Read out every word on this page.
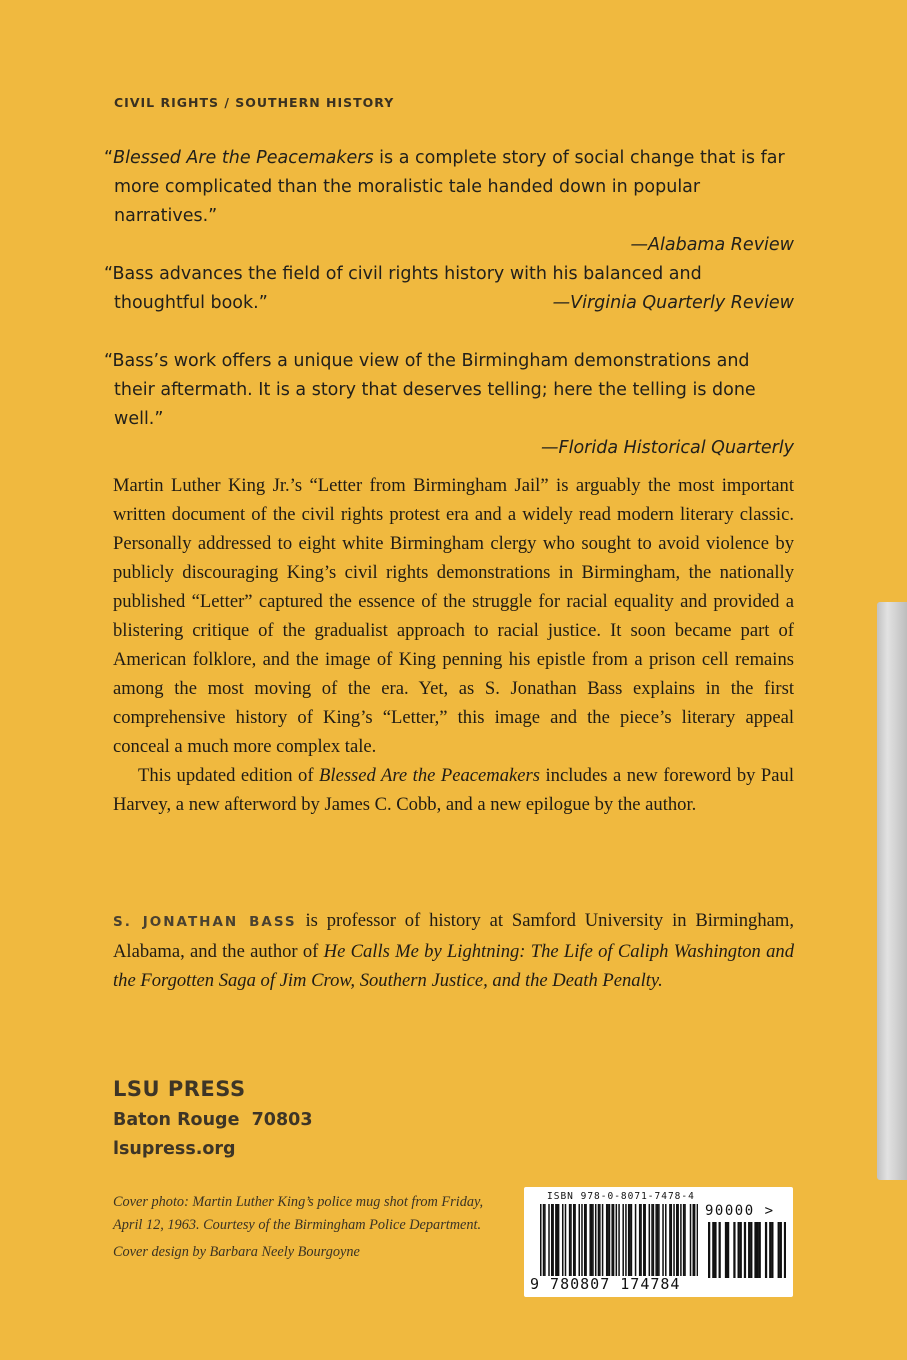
CIVIL RIGHTS / SOUTHERN HISTORY
“Blessed Are the Peacemakers is a complete story of social change that is far more complicated than the moralistic tale handed down in popular narratives.”
—Alabama Review
“Bass advances the field of civil rights history with his balanced and thoughtful book.”	—Virginia Quarterly Review
“Bass’s work offers a unique view of the Birmingham demonstrations and their aftermath. It is a story that deserves telling; here the telling is done well.”
—Florida Historical Quarterly

Martin Luther King Jr.’s “Letter from Birmingham Jail” is arguably the most important written document of the civil rights protest era and a widely read modern literary classic. Personally addressed to eight white Birmingham clergy who sought to avoid violence by publicly discouraging King’s civil rights demonstrations in Birmingham, the nationally published “Letter” captured the essence of the struggle for racial equality and provided a blistering critique of the gradualist approach to racial justice. It soon became part of American folklore, and the image of King penning his epistle from a prison cell remains among the most moving of the era. Yet, as S. Jonathan Bass explains in the first comprehensive history of King’s “Letter,” this image and the piece’s literary appeal conceal a much more complex tale.

This updated edition of Blessed Are the Peacemakers includes a new foreword by Paul Harvey, a new afterword by James C. Cobb, and a new epilogue by the author.

S. JONATHAN BASS is professor of history at Samford University in Birmingham, Alabama, and the author of He Calls Me by Lightning: The Life of Caliph Washington and the Forgotten Saga of Jim Crow, Southern Justice, and the Death Penalty.
LSU PRESS
Baton Rouge  70803
lsupress.org

Cover photo: Martin Luther King’s police mug shot from Friday, April 12, 1963. Courtesy of the Birmingham Police Department.

Cover design by Barbara Neely Bourgoyne

ISBN 978-0-8071-7478-4
90000 >
9 780807 174784
